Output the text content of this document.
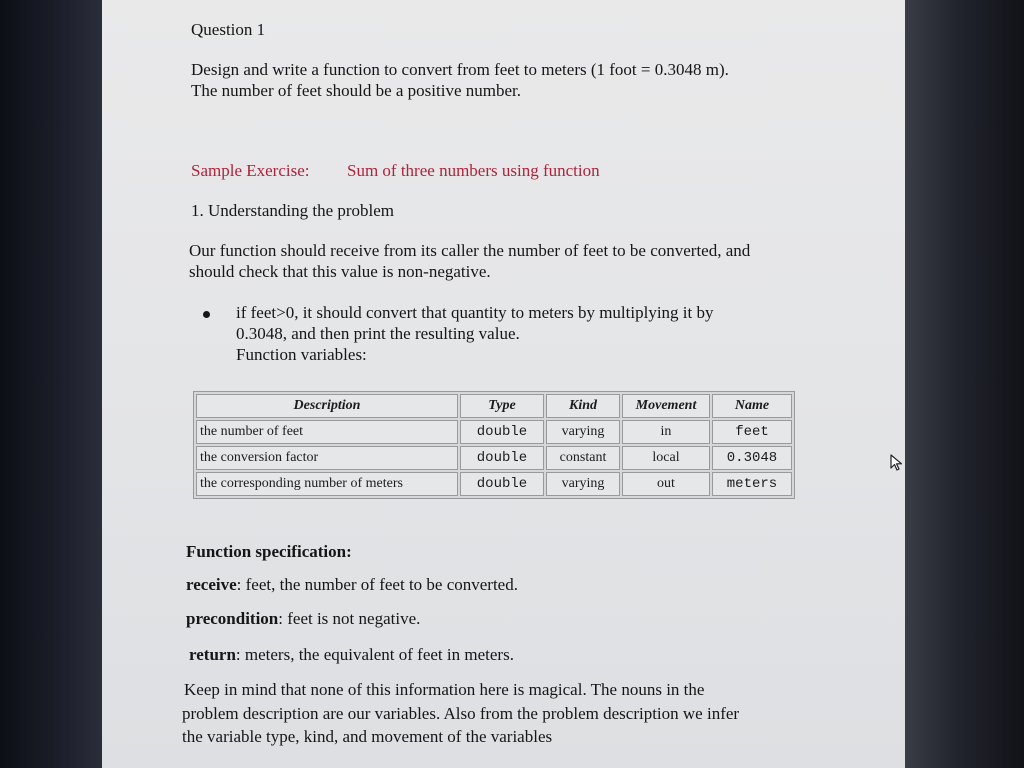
Question 1
Design and write a function to convert from feet to meters (1 foot = 0.3048 m).
The number of feet should be a positive number.
Sample Exercise: Sum of three numbers using function
1. Understanding the problem
Our function should receive from its caller the number of feet to be converted, and
should check that this value is non-negative.
if feet>0, it should convert that quantity to meters by multiplying it by
0.3048, and then print the resulting value.
Function variables:
Description	Type	Kind	Movement	Name
the number of feet	double	varying	in	feet
the conversion factor	double	constant	local	0.3048
the corresponding number of meters	double	varying	out	meters
Function specification:
receive: feet, the number of feet to be converted.
precondition: feet is not negative.
return: meters, the equivalent of feet in meters.
Keep in mind that none of this information here is magical. The nouns in the
problem description are our variables. Also from the problem description we infer
the variable type, kind, and movement of the variables
